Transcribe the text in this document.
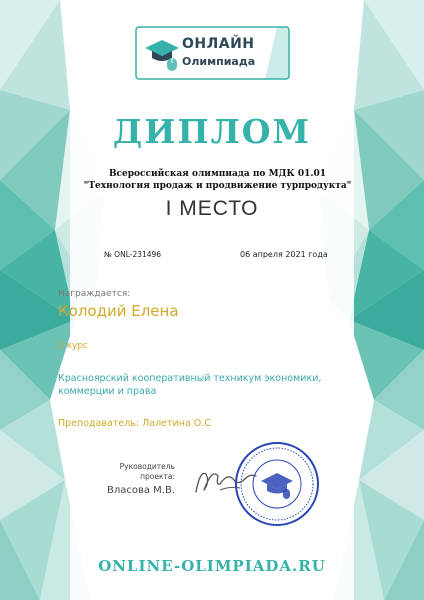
ОНЛАЙН
Олимпиада
ДИПЛОМ
Всероссийская олимпиада по МДК 01.01 "Технология продаж и продвижение турпродукта"
I МЕСТО
№ ONL-231496	06 апреля 2021 года
Награждается:
Колодий Елена
2 курс
Красноярский кооперативный техникум экономики, коммерции и права
Преподаватель: Лалетина О.С
Руководитель проекта:
Власова М.В.
ONLINE-OLIMPIADA.RU
